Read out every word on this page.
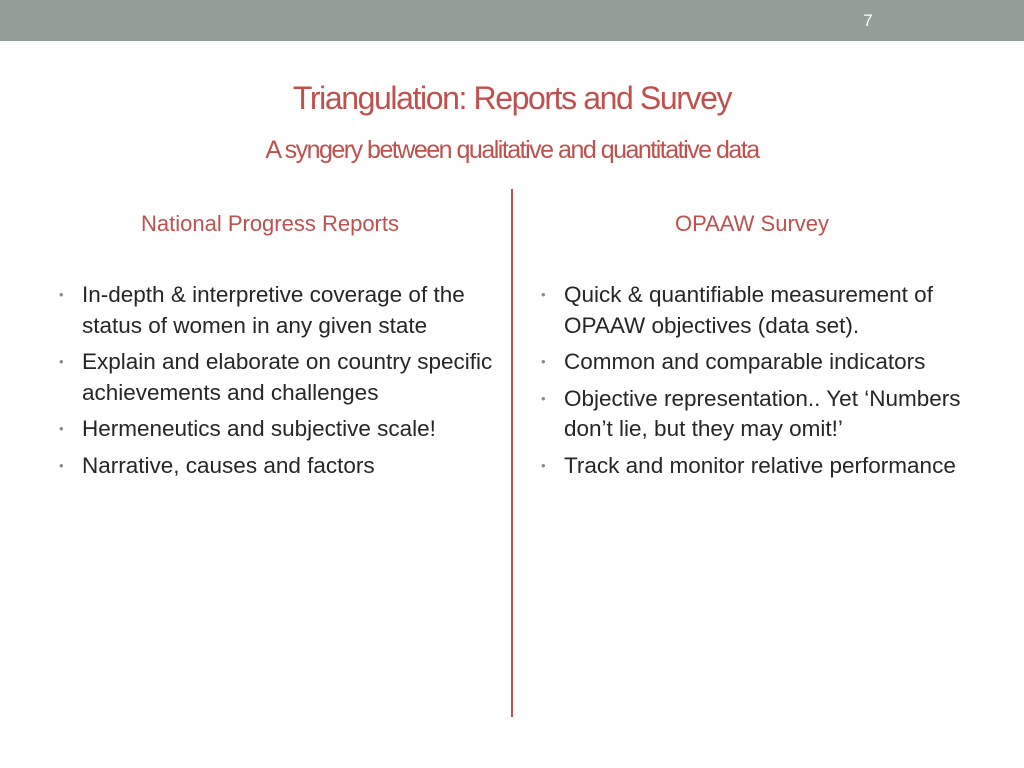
7
Triangulation: Reports and Survey
A syngery between qualitative and quantitative data
National Progress Reports	OPAAW Survey
• In-depth & interpretive coverage of the status of women in any given state
• Explain and elaborate on country specific achievements and challenges
• Hermeneutics and subjective scale!
• Narrative, causes and factors
• Quick & quantifiable measurement of OPAAW objectives (data set).
• Common and comparable indicators
• Objective representation.. Yet ‘Numbers don’t lie, but they may omit!’
• Track and monitor relative performance
